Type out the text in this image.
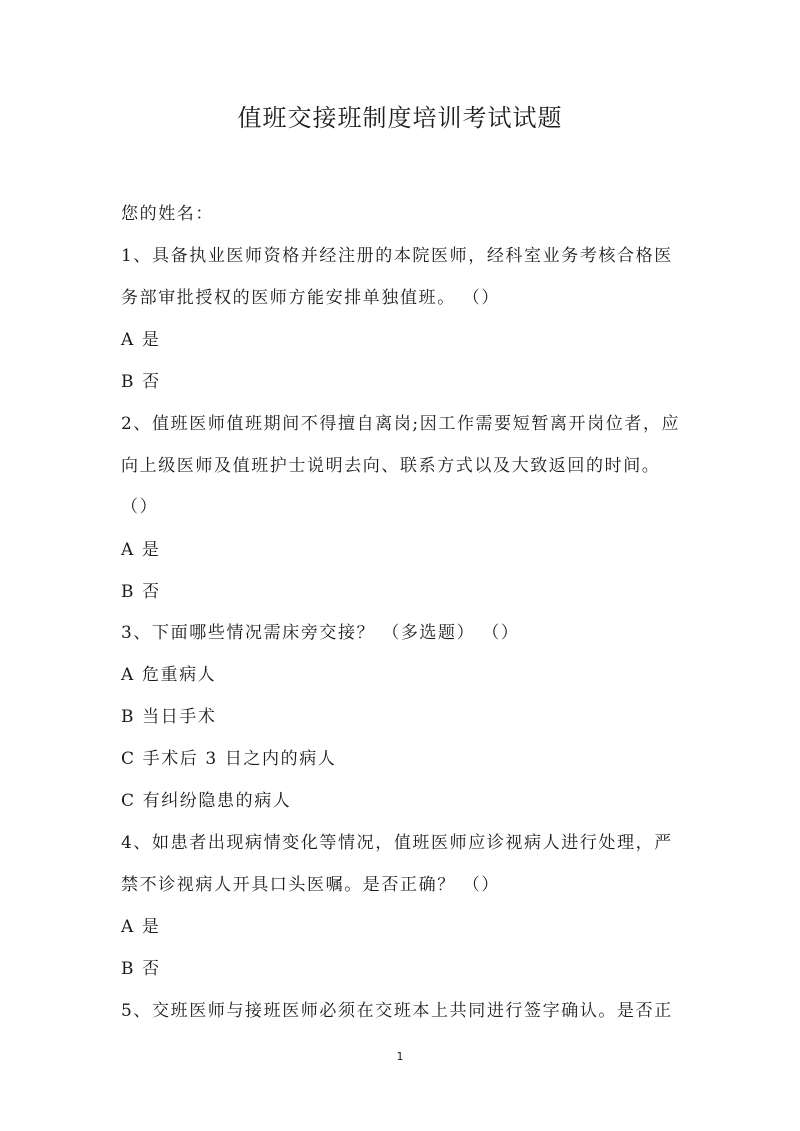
值班交接班制度培训考试试题
您的姓名：
1、具备执业医师资格并经注册的本院医师，经科室业务考核合格医
务部审批授权的医师方能安排单独值班。 （）
A 是
B 否
2、值班医师值班期间不得擅自离岗;因工作需要短暂离开岗位者，应
向上级医师及值班护士说明去向、联系方式以及大致返回的时间。
（）
A 是
B 否
3、下面哪些情况需床旁交接？ （多选题） （）
A 危重病人
B 当日手术
C 手术后 3 日之内的病人
C 有纠纷隐患的病人
4、如患者出现病情变化等情况，值班医师应诊视病人进行处理，严
禁不诊视病人开具口头医嘱。是否正确？ （）
A 是
B 否
5、交班医师与接班医师必须在交班本上共同进行签字确认。是否正
1
